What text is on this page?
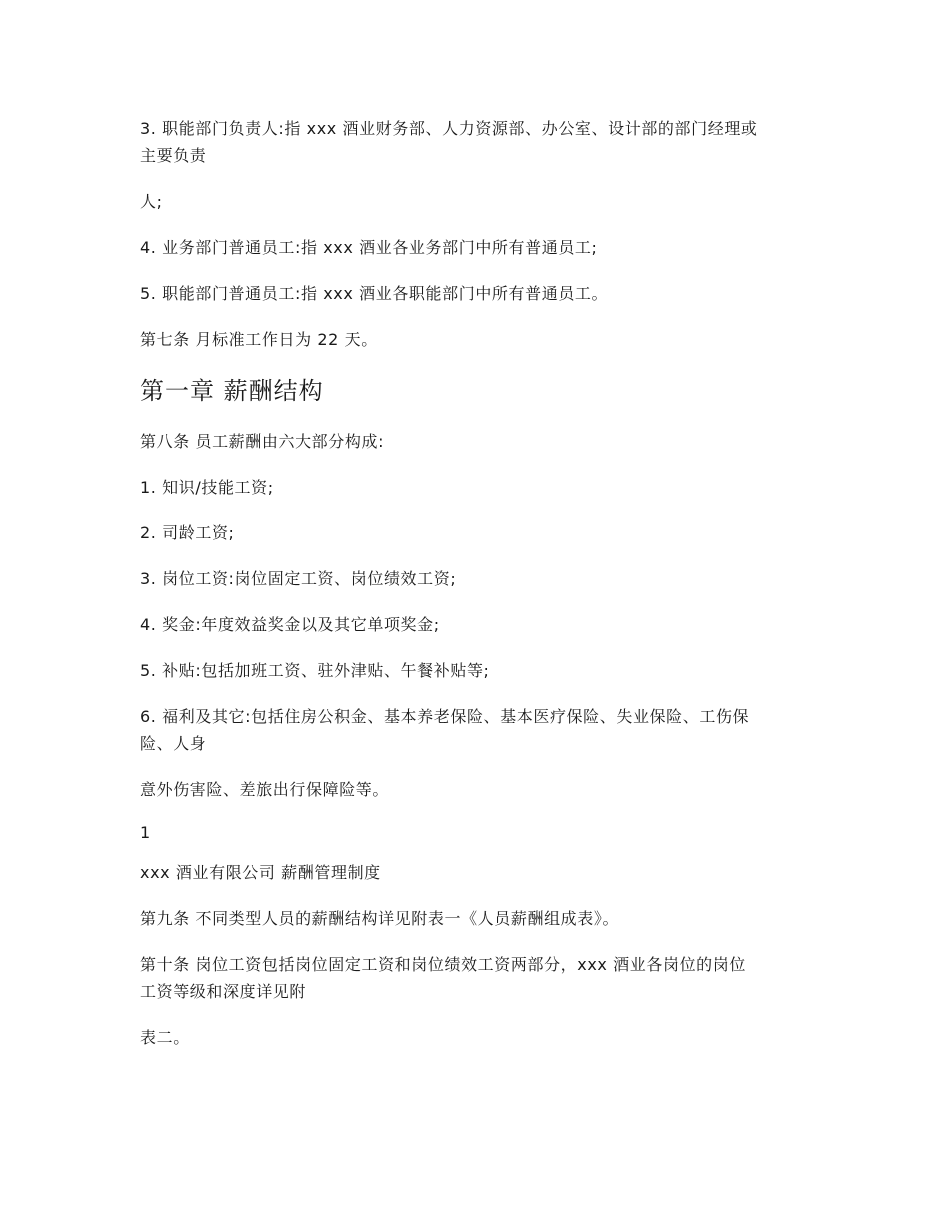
3. 职能部门负责人:指 xxx 酒业财务部、人力资源部、办公室、设计部的部门经理或
主要负责
人;
4. 业务部门普通员工:指 xxx 酒业各业务部门中所有普通员工;
5. 职能部门普通员工:指 xxx 酒业各职能部门中所有普通员工。
第七条 月标准工作日为 22 天。
第一章 薪酬结构
第八条 员工薪酬由六大部分构成:
1. 知识/技能工资;
2. 司龄工资;
3. 岗位工资:岗位固定工资、岗位绩效工资;
4. 奖金:年度效益奖金以及其它单项奖金;
5. 补贴:包括加班工资、驻外津贴、午餐补贴等;
6. 福利及其它:包括住房公积金、基本养老保险、基本医疗保险、失业保险、工伤保
险、人身
意外伤害险、差旅出行保障险等。
1
xxx 酒业有限公司 薪酬管理制度
第九条 不同类型人员的薪酬结构详见附表一《人员薪酬组成表》。
第十条 岗位工资包括岗位固定工资和岗位绩效工资两部分，xxx 酒业各岗位的岗位
工资等级和深度详见附
表二。
